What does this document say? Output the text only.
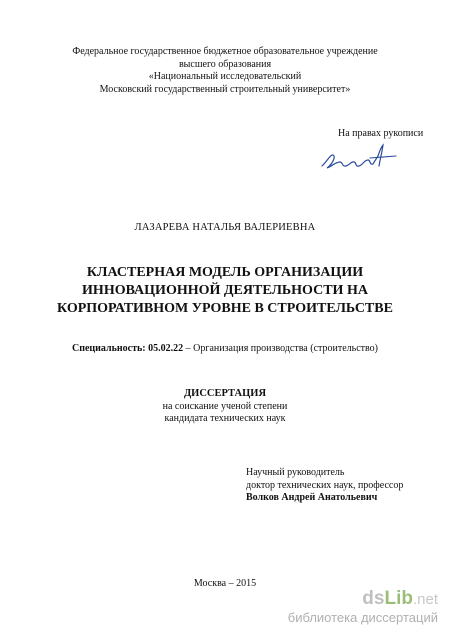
Федеральное государственное бюджетное образовательное учреждение
высшего образования
«Национальный исследовательский
Московский государственный строительный университет»
На правах рукописи
ЛАЗАРЕВА НАТАЛЬЯ ВАЛЕРИЕВНА
КЛАСТЕРНАЯ МОДЕЛЬ ОРГАНИЗАЦИИ
ИННОВАЦИОННОЙ ДЕЯТЕЛЬНОСТИ НА
КОРПОРАТИВНОМ УРОВНЕ В СТРОИТЕЛЬСТВЕ
Специальность: 05.02.22 – Организация производства (строительство)
ДИССЕРТАЦИЯ
на соискание ученой степени
кандидата технических наук
Научный руководитель
доктор технических наук, профессор
Волков Андрей Анатольевич
Москва – 2015
dsLib.net
библиотека диссертаций
